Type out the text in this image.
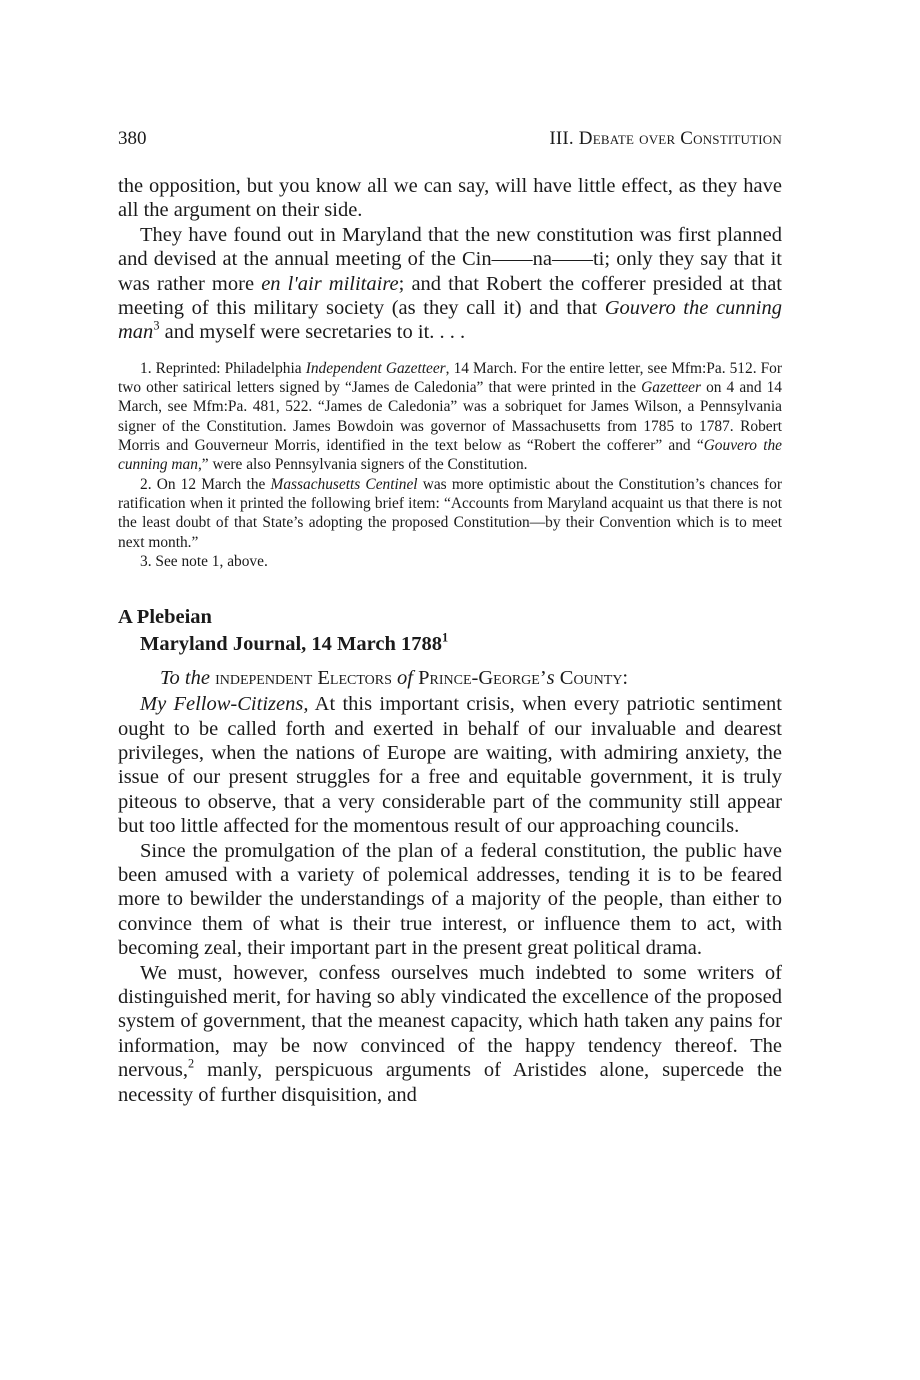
380	III. Debate over Constitution

the opposition, but you know all we can say, will have little effect, as they have all the argument on their side.

They have found out in Maryland that the new constitution was first planned and devised at the annual meeting of the Cin——na——ti; only they say that it was rather more en l'air militaire; and that Robert the cofferer presided at that meeting of this military society (as they call it) and that Gouvero the cunning man$^3$ and myself were secretaries to it. . . .

1. Reprinted: Philadelphia Independent Gazetteer, 14 March. For the entire letter, see Mfm:Pa. 512. For two other satirical letters signed by “James de Caledonia” that were printed in the Gazetteer on 4 and 14 March, see Mfm:Pa. 481, 522. “James de Caledonia” was a sobriquet for James Wilson, a Pennsylvania signer of the Constitution. James Bowdoin was governor of Massachusetts from 1785 to 1787. Robert Morris and Gouverneur Morris, identified in the text below as “Robert the cofferer” and “Gouvero the cunning man,” were also Pennsylvania signers of the Constitution.

2. On 12 March the Massachusetts Centinel was more optimistic about the Constitution’s chances for ratification when it printed the following brief item: “Accounts from Maryland acquaint us that there is not the least doubt of that State’s adopting the proposed Constitution—by their Convention which is to meet next month.”

3. See note 1, above.

A Plebeian
Maryland Journal, 14 March 1788$^1$
To the independent Electors of Prince-George’s County:

My Fellow-Citizens, At this important crisis, when every patriotic sentiment ought to be called forth and exerted in behalf of our invaluable and dearest privileges, when the nations of Europe are waiting, with admiring anxiety, the issue of our present struggles for a free and equitable government, it is truly piteous to observe, that a very considerable part of the community still appear but too little affected for the momentous result of our approaching councils.

Since the promulgation of the plan of a federal constitution, the public have been amused with a variety of polemical addresses, tending it is to be feared more to bewilder the understandings of a majority of the people, than either to convince them of what is their true interest, or influence them to act, with becoming zeal, their important part in the present great political drama.

We must, however, confess ourselves much indebted to some writers of distinguished merit, for having so ably vindicated the excellence of the proposed system of government, that the meanest capacity, which hath taken any pains for information, may be now convinced of the happy tendency thereof. The nervous,$^2$ manly, perspicuous arguments of Aristides alone, supercede the necessity of further disquisition, and
